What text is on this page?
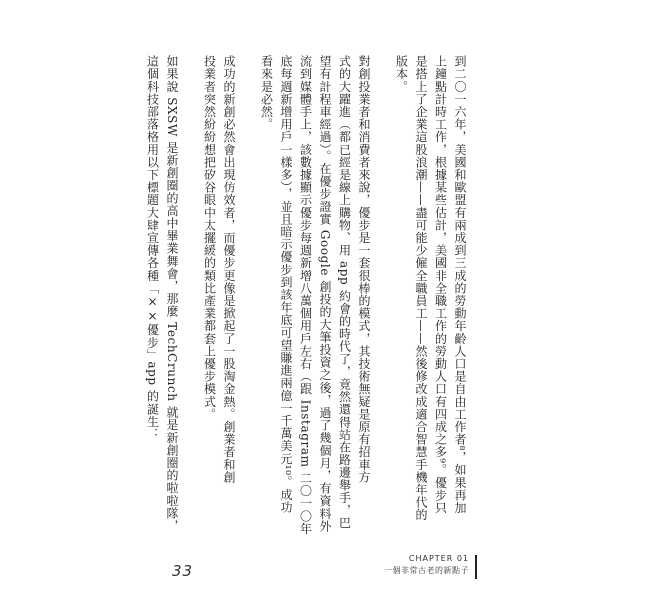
到二〇一六年，美國和歐盟有兩成到三成的勞動年齡人口是自由工作者⁸，如果再加
上鐘點計時工作，根據某些估計，美國非全職工作的勞動人口有四成之多⁹。優步只
是搭上了企業這股浪潮——盡可能少僱全職員工——然後修改成適合智慧手機年代的
版本。
對創投業者和消費者來說，優步是一套很棒的模式，其技術無疑是原有招車方
式的大躍進（都已經是線上購物、用 app 約會的時代了，竟然還得站在路邊舉手，巴
望有計程車經過）。在優步證實 Google 創投的大筆投資之後，過了幾個月，有資料外
流到媒體手上，該數據顯示優步每週新增八萬個用戶左右（跟 Instagram 二〇一〇年
底每週新增用戶一樣多），並且暗示優步到該年底可望賺進兩億一千萬美元¹⁰。成功
看來是必然。
成功的新創必然會出現仿效者，而優步更像是掀起了一股淘金熱。創業者和創
投業者突然紛紛想把矽谷眼中太擺緩的類比產業都套上優步模式。
如果說 SXSW 是新創圈的高中畢業舞會，那麼 TechCrunch 就是新創圈的啦啦隊，
這個科技部落格用以下標題大肆宣傳各種「××優步」app 的誕生：
33
CHAPTER 01
一個非常古老的新點子
